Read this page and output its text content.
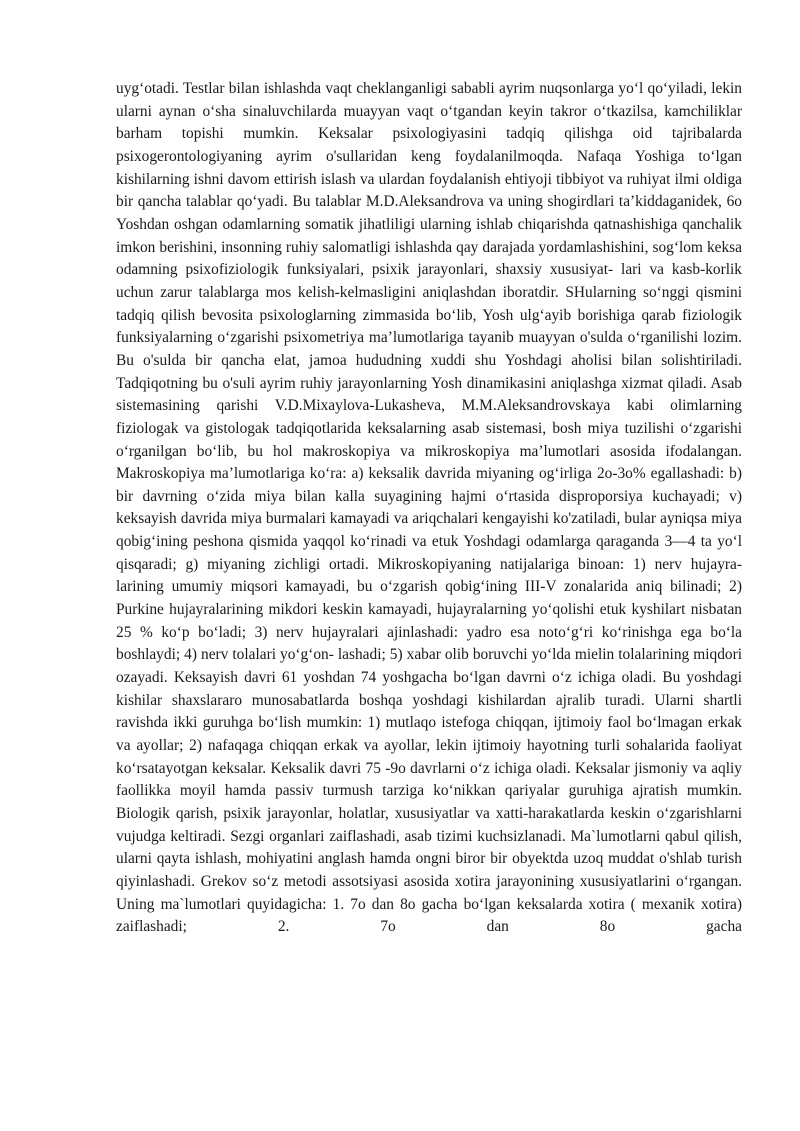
uyg‘otadi. Testlar bilan ishlashda vaqt cheklanganligi sababli ayrim nuqsonlarga yo‘l qo‘yiladi, lekin ularni aynan o‘sha sinaluvchilarda muayyan vaqt o‘tgandan keyin takror o‘tkazilsa, kamchiliklar barham topishi mumkin. Keksalar psixologiyasini tadqiq qilishga oid tajribalarda psixogerontologiyaning ayrim o'sullaridan keng foydalanilmoqda. Nafaqa Yoshiga to‘lgan kishilarning ishni davom ettirish islash va ulardan foydalanish ehtiyoji tibbiyot va ruhiyat ilmi oldiga bir qancha talablar qo‘yadi. Bu talablar M.D.Aleksandrova va uning shogirdlari ta’kiddaganidek, 6o Yoshdan oshgan odamlarning somatik jihatliligi ularning ishlab chiqarishda qatnashishiga qanchalik imkon berishini, insonning ruhiy salomatligi ishlashda qay darajada yordamlashishini, sog‘lom keksa odamning psixofiziologik funksiyalari, psixik jarayonlari, shaxsiy xususiyat- lari va kasb-korlik uchun zarur talablarga mos kelish-kelmasligini aniqlashdan iboratdir. SHularning so‘nggi qismini tadqiq qilish bevosita psixologlarning zimmasida bo‘lib, Yosh ulg‘ayib borishiga qarab fiziologik funksiyalarning o‘zgarishi psixometriya ma’lumotlariga tayanib muayyan o'sulda o‘rganilishi lozim. Bu o'sulda bir qancha elat, jamoa hududning xuddi shu Yoshdagi aholisi bilan solishtiriladi. Tadqiqotning bu o'suli ayrim ruhiy jarayonlarning Yosh dinamikasini aniqlashga xizmat qiladi. Asab sistemasining qarishi V.D.Mixaylova-Lukasheva, M.M.Aleksandrovskaya kabi olimlarning fiziologak va gistologak tadqiqotlarida keksalarning asab sistemasi, bosh miya tuzilishi o‘zgarishi o‘rganilgan bo‘lib, bu hol makroskopiya va mikroskopiya ma’lumotlari asosida ifodalangan. Makroskopiya ma’lumotlariga ko‘ra: a) keksalik davrida miyaning og‘irliga 2o-3o% egallashadi: b) bir davrning o‘zida miya bilan kalla suyagining hajmi o‘rtasida disproporsiya kuchayadi; v) keksayish davrida miya burmalari kamayadi va ariqchalari kengayishi ko'zatiladi, bular ayniqsa miya qobig‘ining peshona qismida yaqqol ko‘rinadi va etuk Yoshdagi odamlarga qaraganda 3—4 ta yo‘l qisqaradi; g) miyaning zichligi ortadi. Mikroskopiyaning natijalariga binoan: 1) nerv hujayra- larining umumiy miqsori kamayadi, bu o‘zgarish qobig‘ining III-V zonalarida aniq bilinadi; 2) Purkine hujayralarining mikdori keskin kamayadi, hujayralarning yo‘qolishi etuk kyshilart nisbatan 25 % ko‘p bo‘ladi; 3) nerv hujayralari ajinlashadi: yadro esa noto‘g‘ri ko‘rinishga ega bo‘la boshlaydi; 4) nerv tolalari yo‘g‘on- lashadi; 5) xabar olib boruvchi yo‘lda mielin tolalarining miqdori ozayadi. Keksayish davri 61 yoshdan 74 yoshgacha bo‘lgan davrni o‘z ichiga oladi. Bu yoshdagi kishilar shaxslararo munosabatlarda boshqa yoshdagi kishilardan ajralib turadi. Ularni shartli ravishda ikki guruhga bo‘lish mumkin: 1) mutlaqo istefoga chiqqan, ijtimoiy faol bo‘lmagan erkak va ayollar; 2) nafaqaga chiqqan erkak va ayollar, lekin ijtimoiy hayotning turli sohalarida faoliyat ko‘rsatayotgan keksalar. Keksalik davri 75 -9o davrlarni o‘z ichiga oladi. Keksalar jismoniy va aqliy faollikka moyil hamda passiv turmush tarziga ko‘nikkan qariyalar guruhiga ajratish mumkin. Biologik qarish, psixik jarayonlar, holatlar, xususiyatlar va xatti-harakatlarda keskin o‘zgarishlarni vujudga keltiradi. Sezgi organlari zaiflashadi, asab tizimi kuchsizlanadi. Ma`lumotlarni qabul qilish, ularni qayta ishlash, mohiyatini anglash hamda ongni biror bir obyektda uzoq muddat o'shlab turish qiyinlashadi. Grekov so‘z metodi assotsiyasi asosida xotira jarayonining xususiyatlarini o‘rgangan. Uning ma`lumotlari quyidagicha: 1. 7o dan 8o gacha bo‘lgan keksalarda xotira ( mexanik xotira) zaiflashadi; 2. 7o dan 8o gacha
